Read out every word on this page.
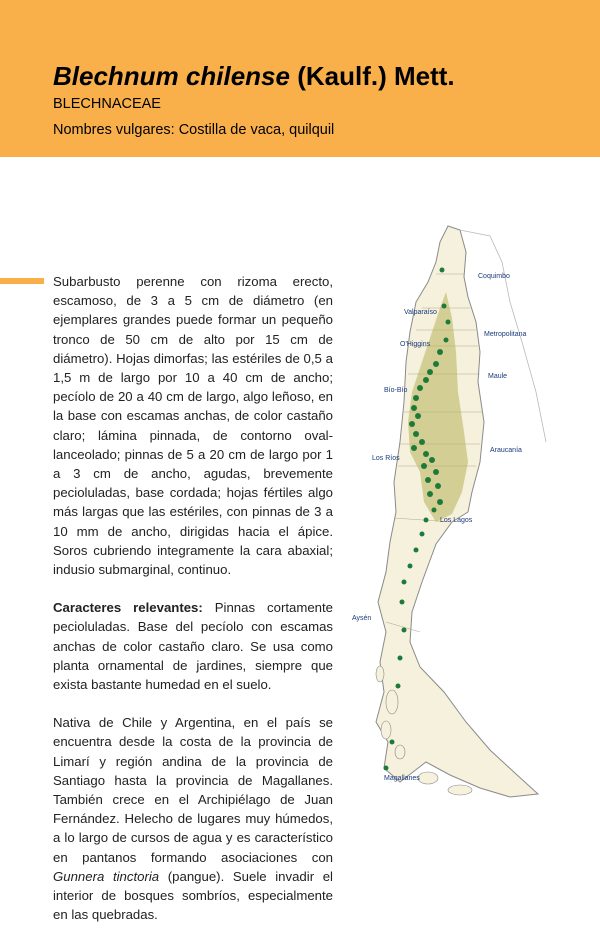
Blechnum chilense (Kaulf.) Mett.
BLECHNACEAE
Nombres vulgares: Costilla de vaca, quilquil

Subarbusto perenne con rizoma erecto, escamoso, de 3 a 5 cm de diámetro (en ejemplares grandes puede formar un pequeño tronco de 50 cm de alto por 15 cm de diámetro). Hojas dimorfas; las estériles de 0,5 a 1,5 m de largo por 10 a 40 cm de ancho; pecíolo de 20 a 40 cm de largo, algo leñoso, en la base con escamas anchas, de color castaño claro; lámina pinnada, de contorno oval-lanceolado; pinnas de 5 a 20 cm de largo por 1 a 3 cm de ancho, agudas, brevemente pecioluladas, base cordada; hojas fértiles algo más largas que las estériles, con pinnas de 3 a 10 mm de ancho, dirigidas hacia el ápice. Soros cubriendo integramente la cara abaxial; indusio submarginal, continuo.

Caracteres relevantes: Pinnas cortamente pecioluladas. Base del pecíolo con escamas anchas de color castaño claro. Se usa como planta ornamental de jardines, siempre que exista bastante humedad en el suelo.

Nativa de Chile y Argentina, en el país se encuentra desde la costa de la provincia de Limarí y región andina de la provincia de Santiago hasta la provincia de Magallanes. También crece en el Archipiélago de Juan Fernández. Helecho de lugares muy húmedos, a lo largo de cursos de agua y es característico en pantanos formando asociaciones con Gunnera tinctoria (pangue). Suele invadir el interior de bosques sombríos, especialmente en las quebradas.

Coquimbo
Valparaíso
Metropolitana
O'Higgins
Maule
Bío-Bío
Araucanía
Los Ríos
Los Lagos
Aysén
Magallanes
